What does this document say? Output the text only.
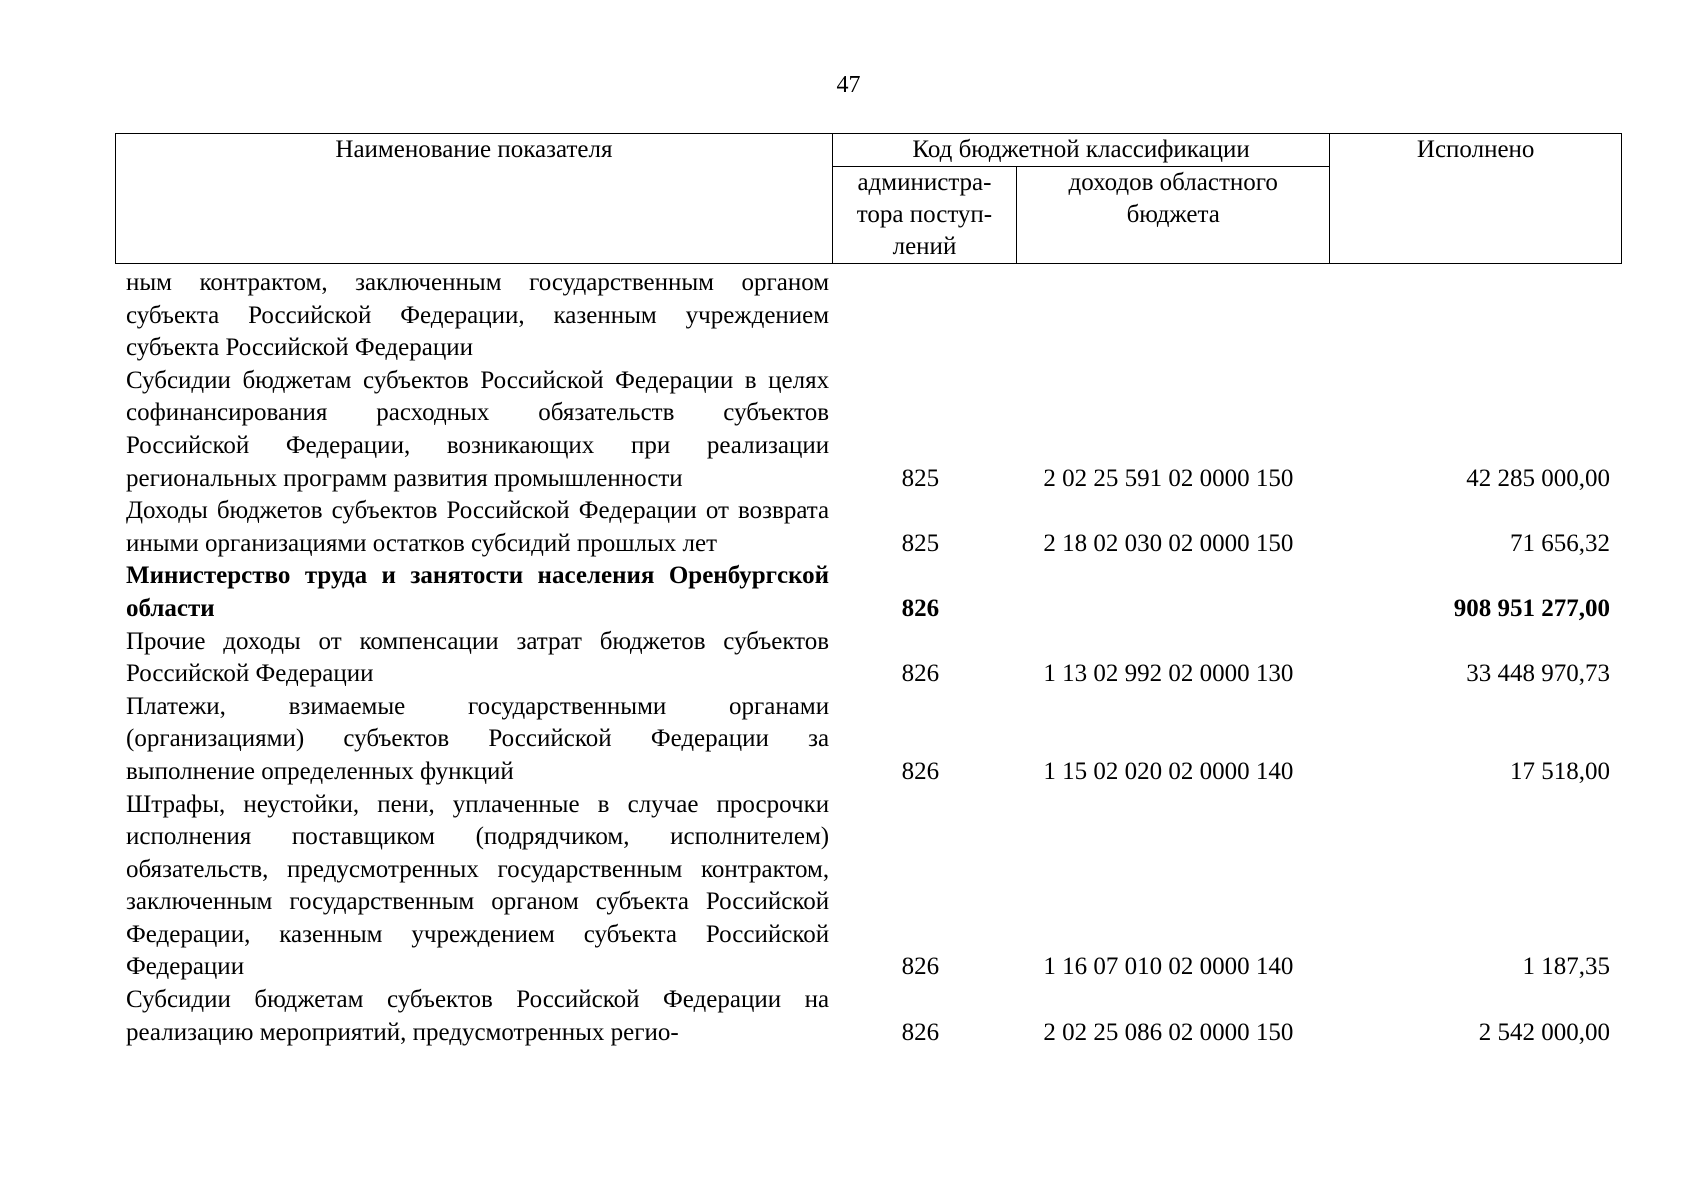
47
Наименование показателя	Код бюджетной классификации		Исполнено
	администра-тора поступ-лений	доходов областного бюджета	
ным контрактом, заключенным государственным органом субъекта Российской Федерации, казенным учреждением субъекта Российской Федерации			
Субсидии бюджетам субъектов Российской Федерации в целях софинансирования расходных обязательств субъектов Российской Федерации, возникающих при реализации региональных программ развития промышленности	825	2 02 25 591 02 0000 150	42 285 000,00
Доходы бюджетов субъектов Российской Федерации от возврата иными организациями остатков субсидий прошлых лет	825	2 18 02 030 02 0000 150	71 656,32
Министерство труда и занятости населения Оренбургской области	826		908 951 277,00
Прочие доходы от компенсации затрат бюджетов субъектов Российской Федерации	826	1 13 02 992 02 0000 130	33 448 970,73
Платежи, взимаемые государственными органами (организациями) субъектов Российской Федерации за выполнение определенных функций	826	1 15 02 020 02 0000 140	17 518,00
Штрафы, неустойки, пени, уплаченные в случае просрочки исполнения поставщиком (подрядчиком, исполнителем) обязательств, предусмотренных государственным контрактом, заключенным государственным органом субъекта Российской Федерации, казенным учреждением субъекта Российской Федерации	826	1 16 07 010 02 0000 140	1 187,35
Субсидии бюджетам субъектов Российской Федерации на реализацию мероприятий, предусмотренных регио-	826	2 02 25 086 02 0000 150	2 542 000,00
